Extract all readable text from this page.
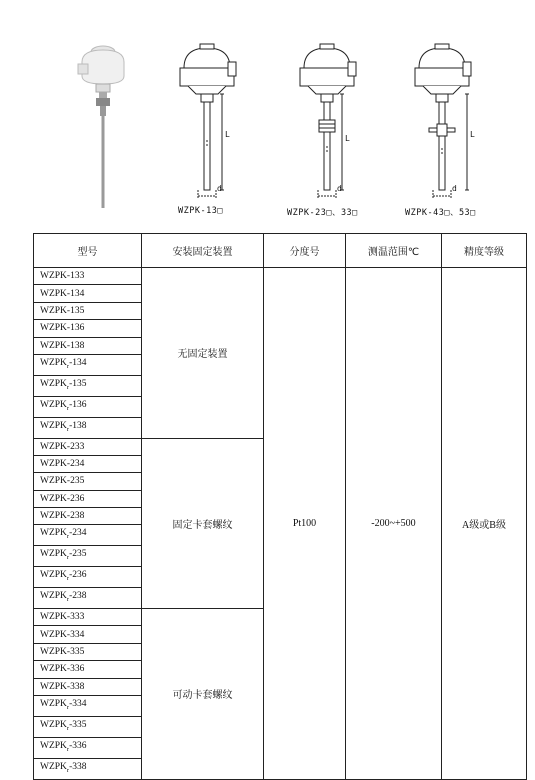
L
d
L
d
L
d
WZPK-13□	WZPK-23□、33□	WZPK-43□、53□
型号	安装固定装置	分度号	测温范围℃	精度等级
WZPK-133	无固定装置	Pt100	-200~+500	A级或B级
WZPK-134				
WZPK-135				
WZPK-136				
WZPK-138				
$WZPK_r-134$				
$WZPK_r-135$				
$WZPK_r-136$				
$WZPK_r-138$				
WZPK-233	固定卡套螺纹			
WZPK-234				
WZPK-235				
WZPK-236				
WZPK-238				
$WZPK_r-234$				
$WZPK_r-235$				
$WZPK_r-236$				
$WZPK_r-238$				
WZPK-333	可动卡套螺纹			
WZPK-334				
WZPK-335				
WZPK-336				
WZPK-338				
$WZPK_r-334$				
$WZPK_r-335$				
$WZPK_r-336$				
$WZPK_r-338$				
